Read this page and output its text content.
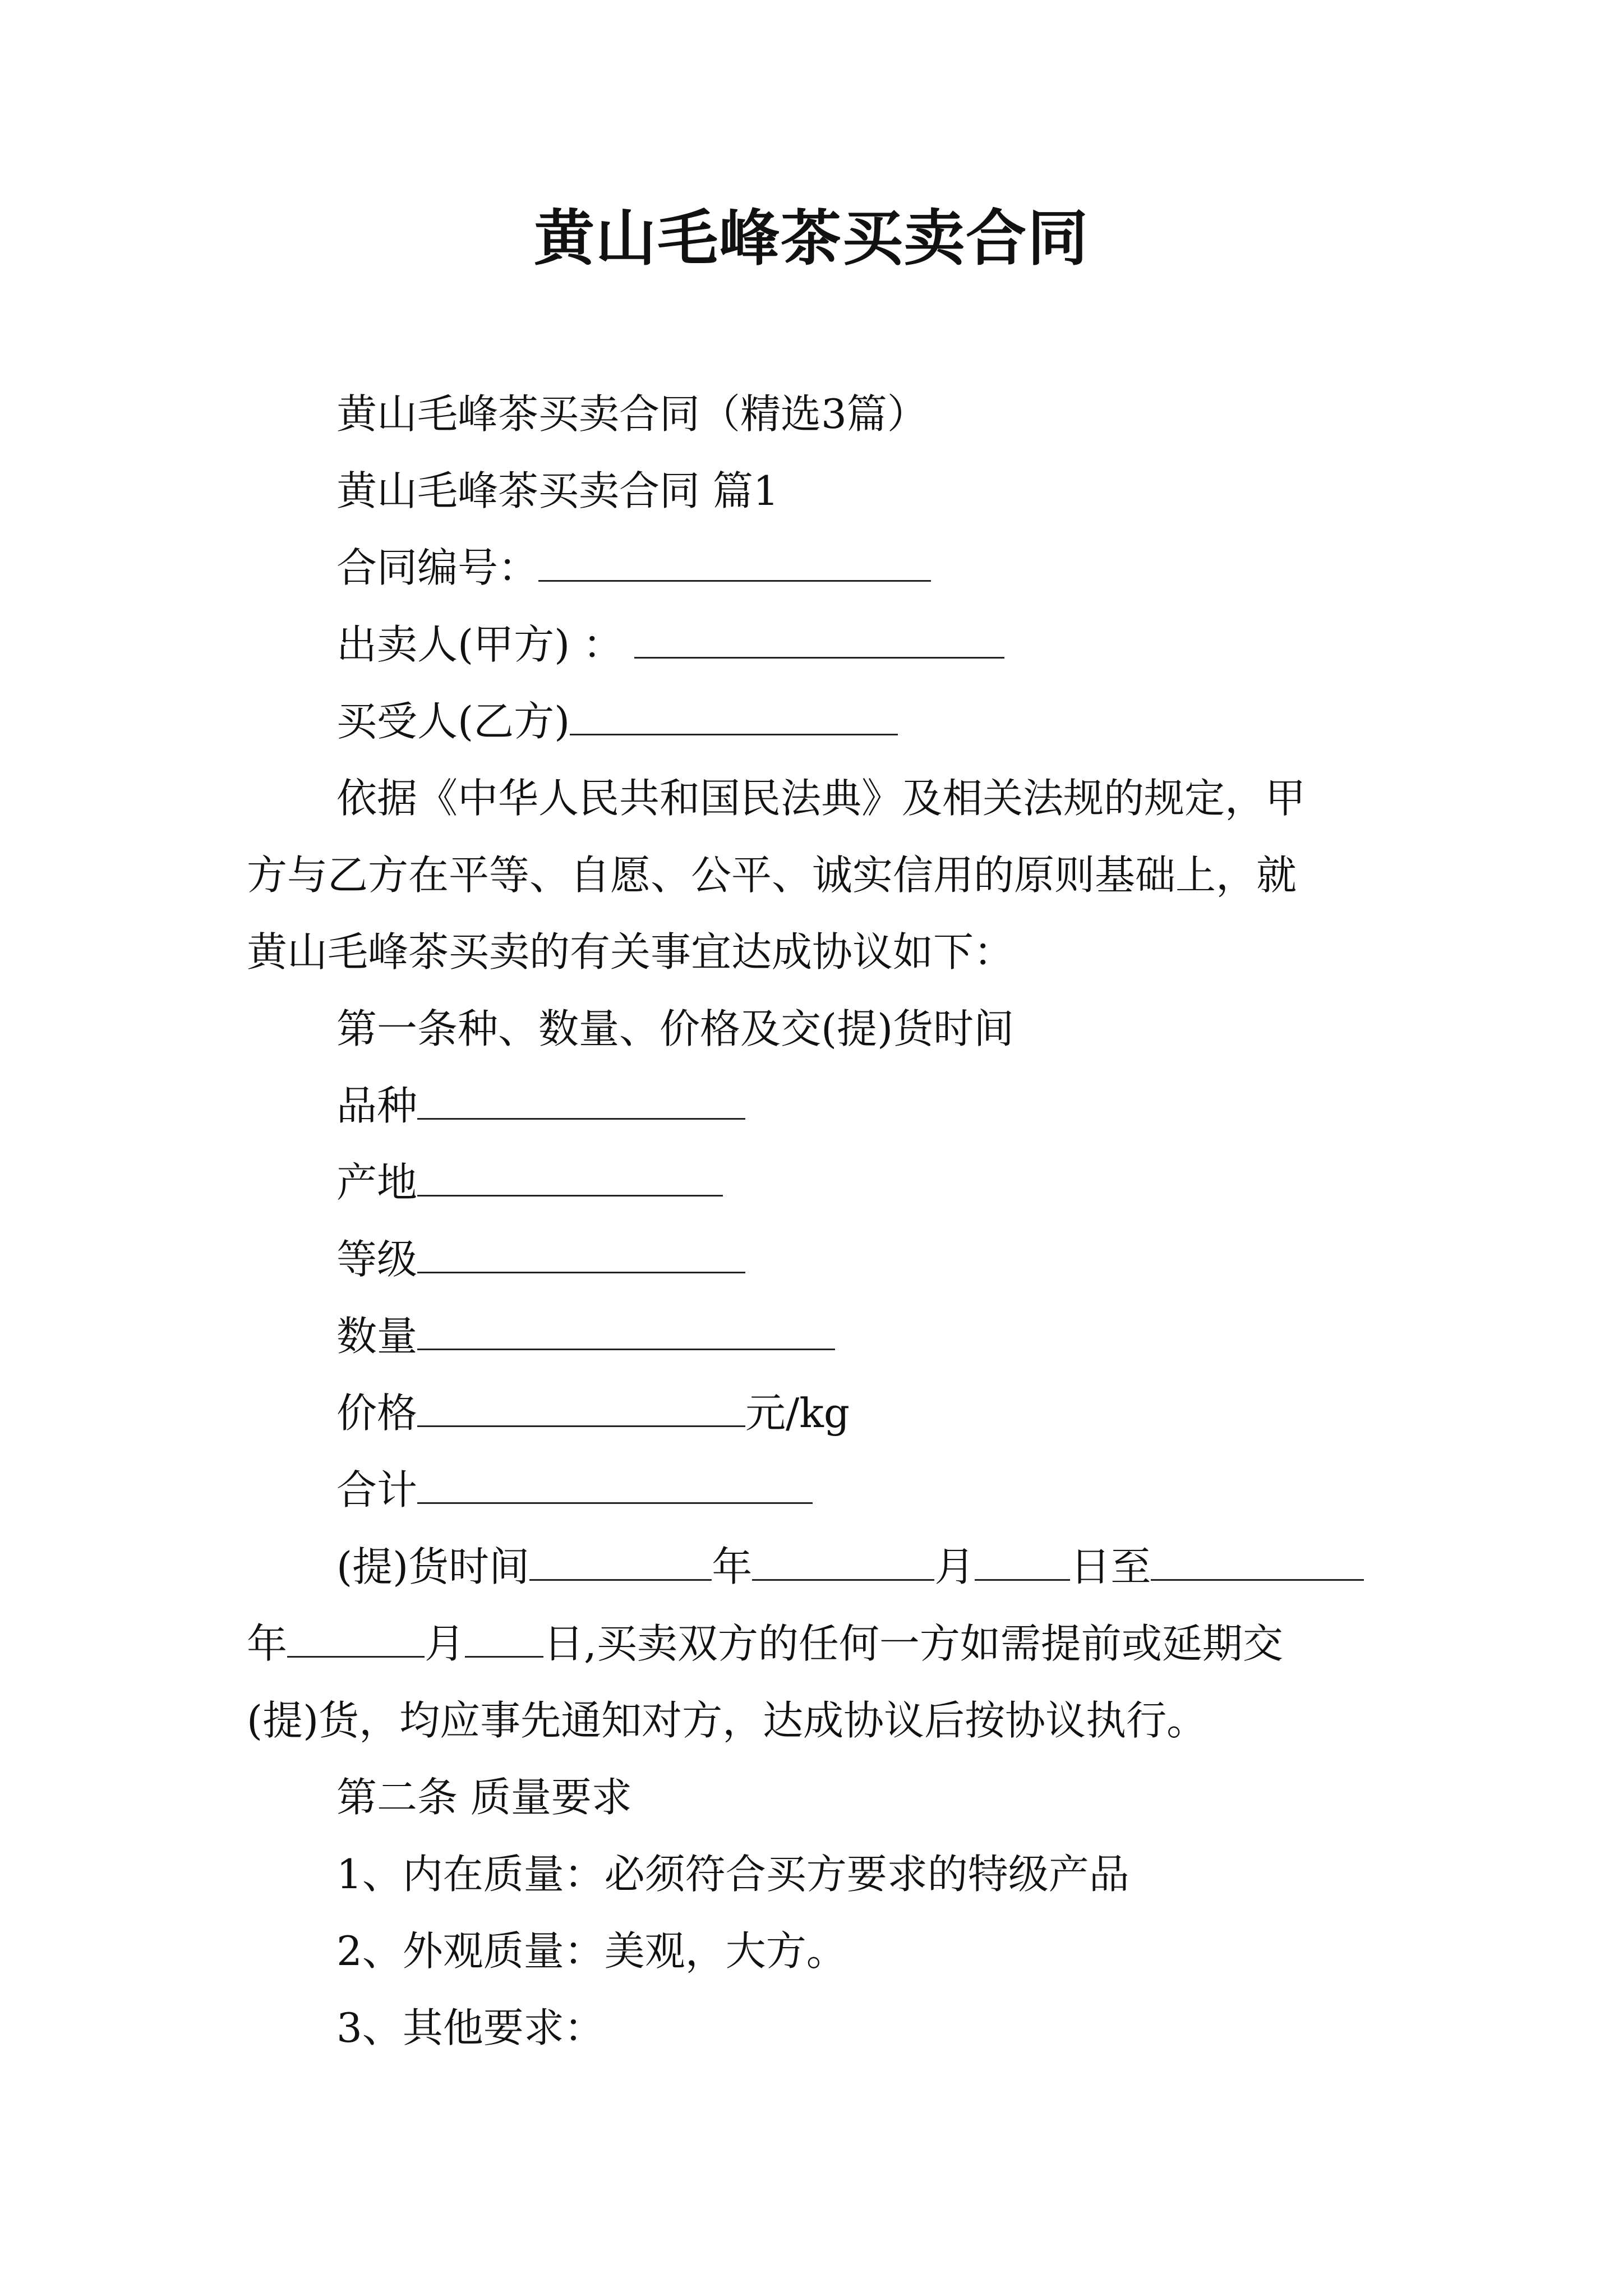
黄山毛峰茶买卖合同
黄山毛峰茶买卖合同（精选3篇）
黄山毛峰茶买卖合同 篇1
合同编号：
出卖人(甲方) ：
买受人(乙方)
依据《中华人民共和国民法典》及相关法规的规定，甲
方与乙方在平等、自愿、公平、诚实信用的原则基础上，就
黄山毛峰茶买卖的有关事宜达成协议如下：
第一条种、数量、价格及交(提)货时间
品种
产地
等级
数量
价格	元/kg
合计
(提)货时间	年	月 日至
年	月 日,买卖双方的任何一方如需提前或延期交
(提)货，均应事先通知对方，达成协议后按协议执行。
第二条 质量要求
1、内在质量：必须符合买方要求的特级产品
2、外观质量：美观，大方。
3、其他要求：
